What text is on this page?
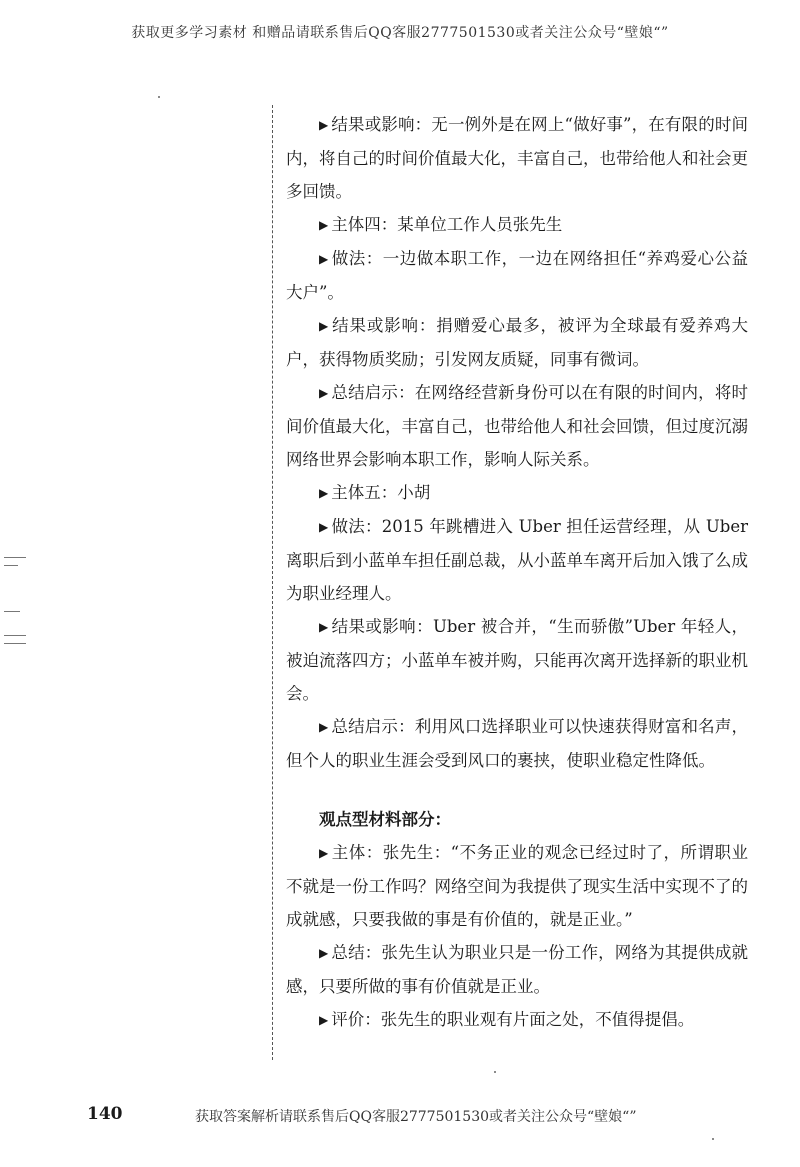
获取更多学习素材 和赠品请联系售后QQ客服2777501530或者关注公众号“壁娘“”

▶ 结果或影响：无一例外是在网上“做好事”，在有限的时间内，将自己的时间价值最大化，丰富自己，也带给他人和社会更多回馈。

▶ 主体四：某单位工作人员张先生

▶ 做法：一边做本职工作，一边在网络担任“养鸡爱心公益大户”。

▶ 结果或影响：捐赠爱心最多，被评为全球最有爱养鸡大户，获得物质奖励；引发网友质疑，同事有微词。

▶ 总结启示：在网络经营新身份可以在有限的时间内，将时间价值最大化，丰富自己，也带给他人和社会回馈，但过度沉溺网络世界会影响本职工作，影响人际关系。

▶ 主体五：小胡

▶ 做法：2015 年跳槽进入 Uber 担任运营经理，从 Uber 离职后到小蓝单车担任副总裁，从小蓝单车离开后加入饿了么成为职业经理人。

▶ 结果或影响：Uber 被合并，“生而骄傲”Uber 年轻人，被迫流落四方；小蓝单车被并购，只能再次离开选择新的职业机会。

▶ 总结启示：利用风口选择职业可以快速获得财富和名声，但个人的职业生涯会受到风口的裹挟，使职业稳定性降低。

观点型材料部分：

▶ 主体：张先生：“不务正业的观念已经过时了，所谓职业不就是一份工作吗？网络空间为我提供了现实生活中实现不了的成就感，只要我做的事是有价值的，就是正业。”

▶ 总结：张先生认为职业只是一份工作，网络为其提供成就感，只要所做的事有价值就是正业。

▶ 评价：张先生的职业观有片面之处，不值得提倡。

140	获取答案解析请联系售后QQ客服2777501530或者关注公众号“壁娘“”
